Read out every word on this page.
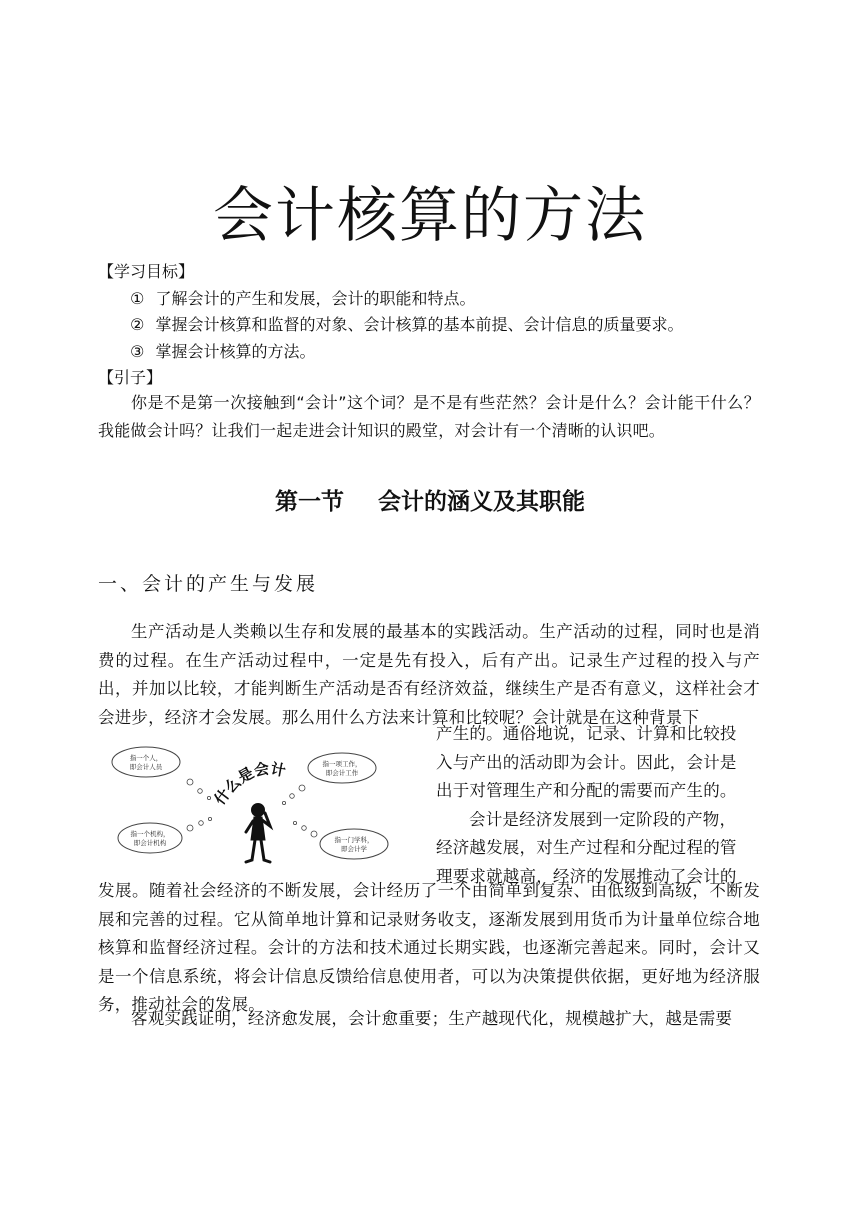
会计核算的方法
【学习目标】
① 了解会计的产生和发展，会计的职能和特点。
② 掌握会计核算和监督的对象、会计核算的基本前提、会计信息的质量要求。
③ 掌握会计核算的方法。
【引子】
你是不是第一次接触到“会计”这个词？是不是有些茫然？会计是什么？会计能干什么？我能做会计吗？让我们一起走进会计知识的殿堂，对会计有一个清晰的认识吧。
第一节 会计的涵义及其职能
一、会计的产生与发展
生产活动是人类赖以生存和发展的最基本的实践活动。生产活动的过程，同时也是消费的过程。在生产活动过程中，一定是先有投入，后有产出。记录生产过程的投入与产出，并加以比较，才能判断生产活动是否有经济效益，继续生产是否有意义，这样社会才会进步，经济才会发展。那么用什么方法来计算和比较呢？会计就是在这种背景下

产生的。通俗地说，记录、计算和比较投

入与产出的活动即为会计。因此，会计是

出于对管理生产和分配的需要而产生的。

会计是经济发展到一定阶段的产物，

经济越发展，对生产过程和分配过程的管

理要求就越高，经济的发展推动了会计的

发展。随着社会经济的不断发展，会计经历了一个由简单到复杂、由低级到高级，不断发展和完善的过程。它从简单地计算和记录财务收支，逐渐发展到用货币为计量单位综合地核算和监督经济过程。会计的方法和技术通过长期实践，也逐渐完善起来。同时，会计又是一个信息系统，将会计信息反馈给信息使用者，可以为决策提供依据，更好地为经济服务，推动社会的发展。
客观实践证明，经济愈发展，会计愈重要；生产越现代化，规模越扩大，越是需要
指一个人，
即会计人员	指一项工作，
即会计工作
指一个机构，
即会计机构	指一门学科，
即会计学
什么是会计
